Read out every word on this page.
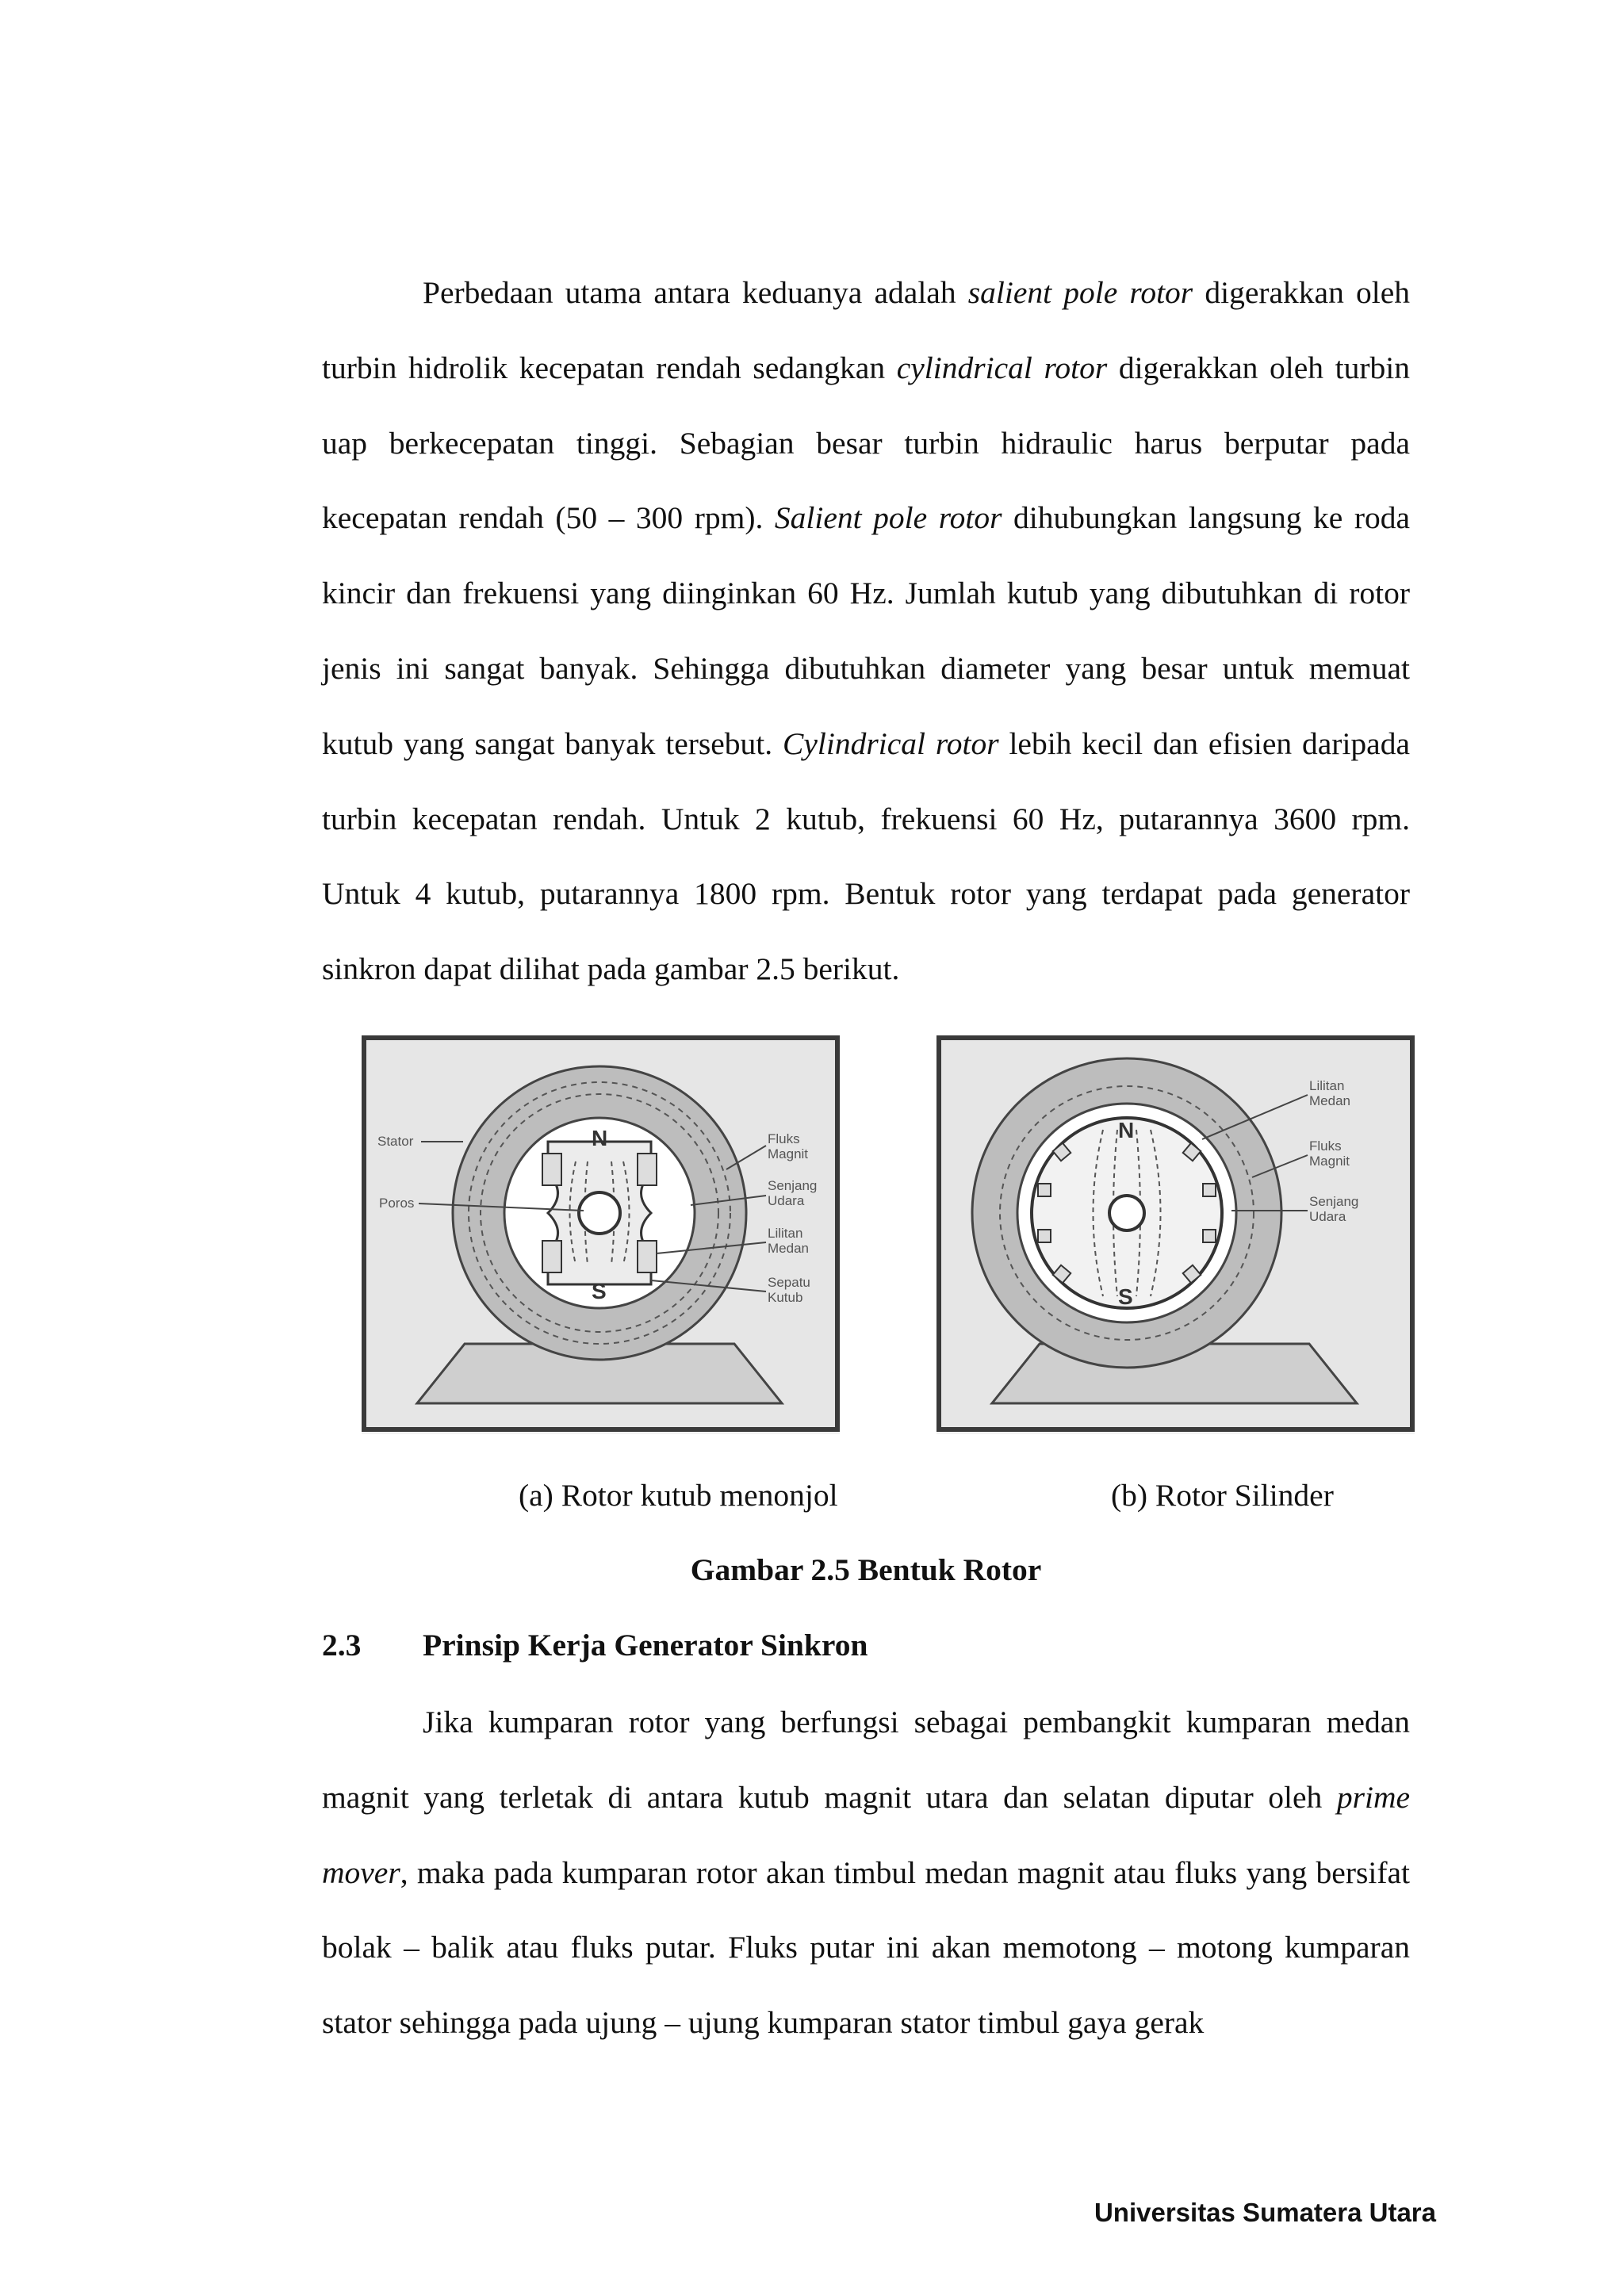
Perbedaan utama antara keduanya adalah salient pole rotor digerakkan oleh turbin hidrolik kecepatan rendah sedangkan cylindrical rotor digerakkan oleh turbin uap berkecepatan tinggi. Sebagian besar turbin hidraulic harus berputar pada kecepatan rendah (50 – 300 rpm). Salient pole rotor dihubungkan langsung ke roda kincir dan frekuensi yang diinginkan 60 Hz. Jumlah kutub yang dibutuhkan di rotor jenis ini sangat banyak. Sehingga dibutuhkan diameter yang besar untuk memuat kutub yang sangat banyak tersebut. Cylindrical rotor lebih kecil dan efisien daripada turbin kecepatan rendah. Untuk 2 kutub, frekuensi 60 Hz, putarannya 3600 rpm. Untuk 4 kutub, putarannya 1800 rpm. Bentuk rotor yang terdapat pada generator sinkron dapat dilihat pada gambar 2.5 berikut.

N
S
Stator
Poros
Fluks
Magnit
Senjang
Udara
Lilitan
Medan
Sepatu
Kutub
N
S
Lilitan
Medan
Fluks
Magnit
Senjang
Udara
(a) Rotor kutub menonjol	(b) Rotor Silinder
Gambar 2.5 Bentuk Rotor
2.3 Prinsip Kerja Generator Sinkron

Jika kumparan rotor yang berfungsi sebagai pembangkit kumparan medan magnit yang terletak di antara kutub magnit utara dan selatan diputar oleh prime mover, maka pada kumparan rotor akan timbul medan magnit atau fluks yang bersifat bolak – balik atau fluks putar. Fluks putar ini akan memotong – motong kumparan stator sehingga pada ujung – ujung kumparan stator timbul gaya gerak

Universitas Sumatera Utara
